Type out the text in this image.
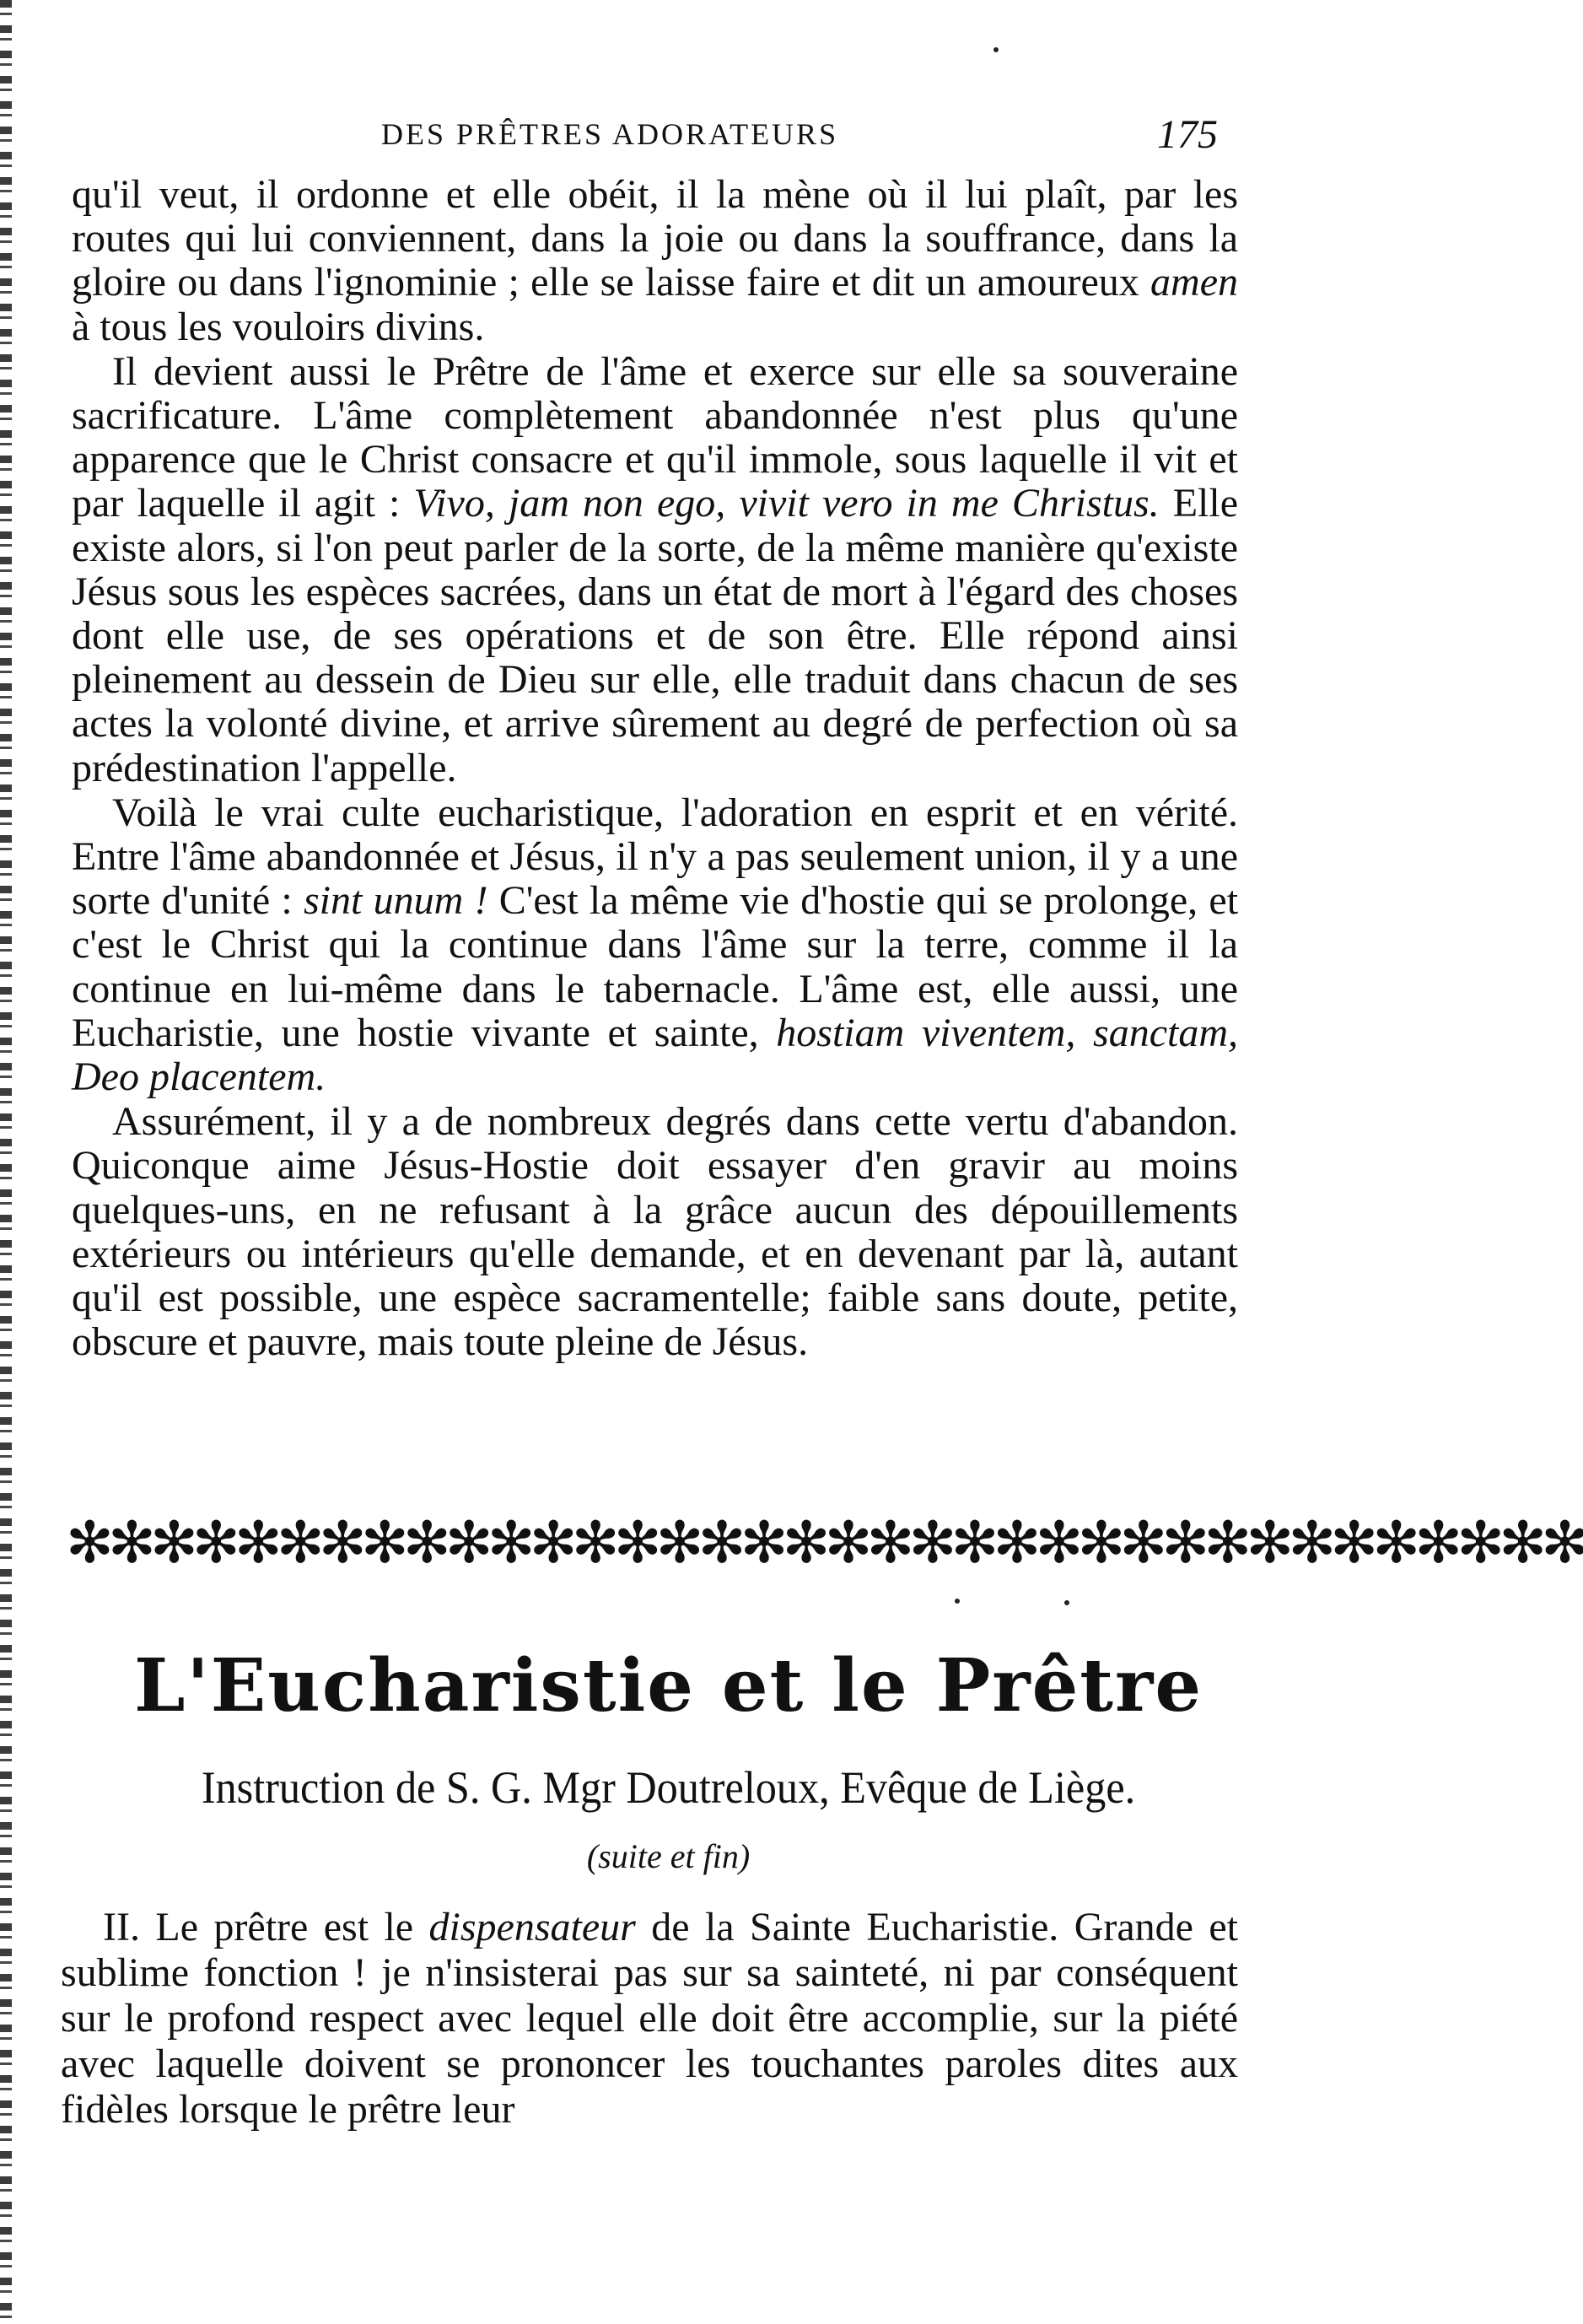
DES PRÊTRES ADORATEURS	175

qu'il veut, il ordonne et elle obéit, il la mène où il lui plaît, par les routes qui lui conviennent, dans la joie ou dans la souffrance, dans la gloire ou dans l'ignominie ; elle se laisse faire et dit un amoureux amen à tous les vouloirs divins.

Il devient aussi le Prêtre de l'âme et exerce sur elle sa souveraine sacrificature. L'âme complètement abandonnée n'est plus qu'une apparence que le Christ consacre et qu'il immole, sous laquelle il vit et par laquelle il agit : Vivo, jam non ego, vivit vero in me Christus. Elle existe alors, si l'on peut parler de la sorte, de la même manière qu'existe Jésus sous les espèces sacrées, dans un état de mort à l'égard des choses dont elle use, de ses opérations et de son être. Elle répond ainsi pleinement au dessein de Dieu sur elle, elle traduit dans chacun de ses actes la volonté divine, et arrive sûrement au degré de perfection où sa prédestination l'appelle.

Voilà le vrai culte eucharistique, l'adoration en esprit et en vérité. Entre l'âme abandonnée et Jésus, il n'y a pas seulement union, il y a une sorte d'unité : sint unum ! C'est la même vie d'hostie qui se prolonge, et c'est le Christ qui la continue dans l'âme sur la terre, comme il la continue en lui-même dans le tabernacle. L'âme est, elle aussi, une Eucharistie, une hostie vivante et sainte, hostiam viventem, sanctam, Deo placentem.

Assurément, il y a de nombreux degrés dans cette vertu d'abandon. Quiconque aime Jésus-Hostie doit essayer d'en gravir au moins quelques-uns, en ne refusant à la grâce aucun des dépouillements extérieurs ou intérieurs qu'elle demande, et en devenant par là, autant qu'il est possible, une espèce sacramentelle; faible sans doute, petite, obscure et pauvre, mais toute pleine de Jésus.

✻✻✻✻✻✻✻✻✻✻✻✻✻✻✻✻✻✻✻✻✻✻✻✻✻✻✻✻✻✻✻✻✻✻✻✻
L'Eucharistie et le Prêtre
Instruction de S. G. Mgr Doutreloux, Evêque de Liège.
(suite et fin)

II. Le prêtre est le dispensateur de la Sainte Eucharistie. Grande et sublime fonction ! je n'insisterai pas sur sa sainteté, ni par conséquent sur le profond respect avec lequel elle doit être accomplie, sur la piété avec laquelle doivent se prononcer les touchantes paroles dites aux fidèles lorsque le prêtre leur
